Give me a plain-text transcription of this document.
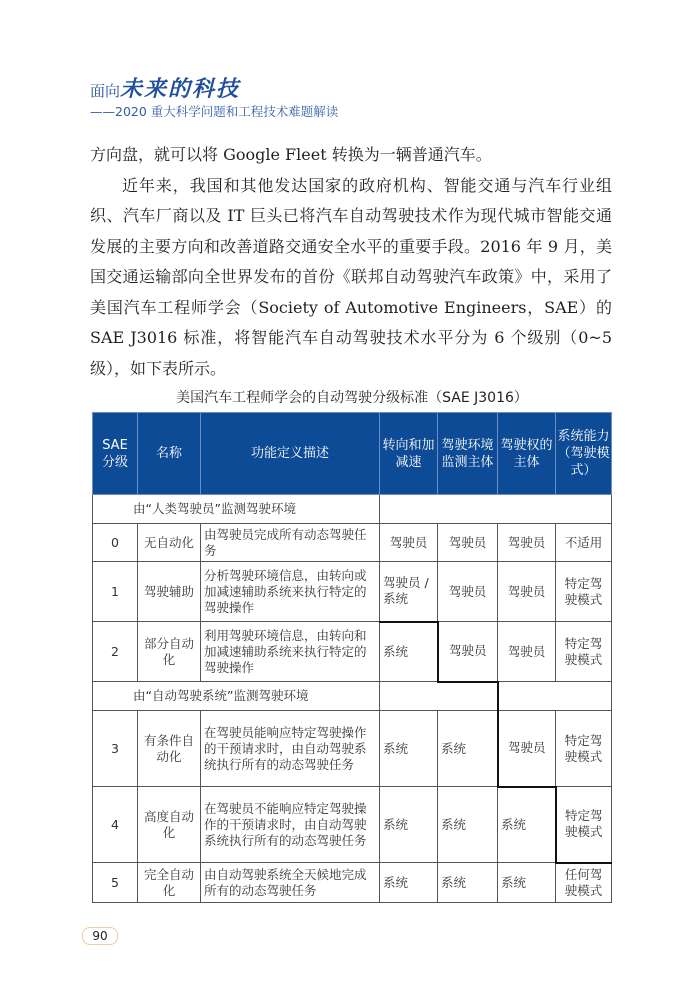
面向未来的科技
——2020 重大科学问题和工程技术难题解读

方向盘，就可以将 Google Fleet 转换为一辆普通汽车。

近年来，我国和其他发达国家的政府机构、智能交通与汽车行业组织、汽车厂商以及 IT 巨头已将汽车自动驾驶技术作为现代城市智能交通发展的主要方向和改善道路交通安全水平的重要手段。2016 年 9 月，美国交通运输部向全世界发布的首份《联邦自动驾驶汽车政策》中，采用了美国汽车工程师学会（Society of Automotive Engineers，SAE）的 SAE J3016 标准，将智能汽车自动驾驶技术水平分为 6 个级别（0~5 级），如下表所示。

美国汽车工程师学会的自动驾驶分级标准（SAE J3016）
SAE 分级	名称	功能定义描述	转向和加减速	驾驶环境监测主体	驾驶权的主体	系统能力（驾驶模式）
由“人类驾驶员”监测驾驶环境						
0	无自动化	由驾驶员完成所有动态驾驶任务	驾驶员	驾驶员	驾驶员	不适用
1	驾驶辅助	分析驾驶环境信息，由转向或加减速辅助系统来执行特定的驾驶操作	驾驶员 / 系统	驾驶员	驾驶员	特定驾驶模式
2	部分自动化	利用驾驶环境信息，由转向和加减速辅助系统来执行特定的驾驶操作	系统	驾驶员	驾驶员	特定驾驶模式
由“自动驾驶系统”监测驾驶环境						
3	有条件自动化	在驾驶员能响应特定驾驶操作的干预请求时，由自动驾驶系统执行所有的动态驾驶任务	系统	系统	驾驶员	特定驾驶模式
4	高度自动化	在驾驶员不能响应特定驾驶操作的干预请求时，由自动驾驶系统执行所有的动态驾驶任务	系统	系统	系统	特定驾驶模式
5	完全自动化	由自动驾驶系统全天候地完成所有的动态驾驶任务	系统	系统	系统	任何驾驶模式
90
